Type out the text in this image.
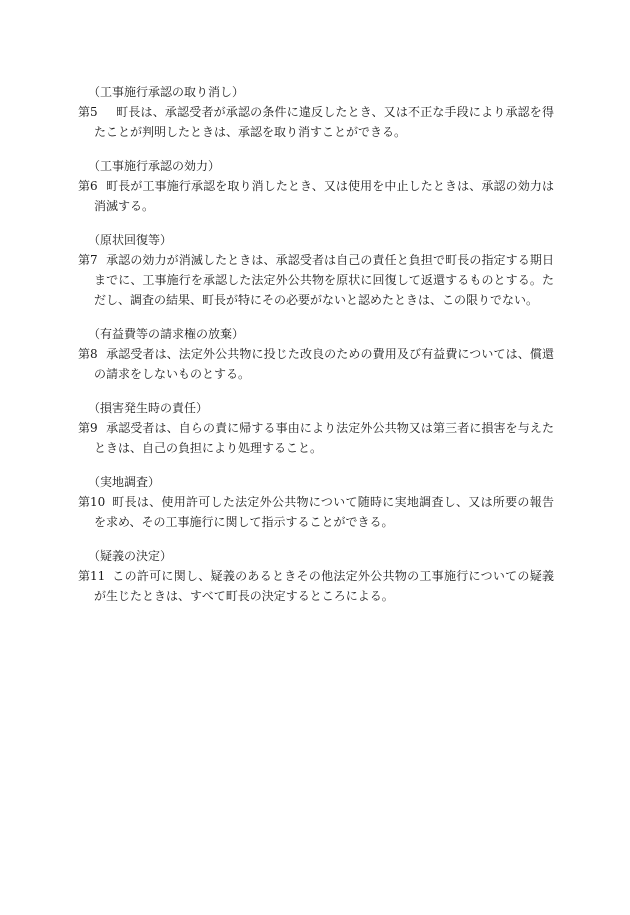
（工事施行承認の取り消し）
第5 町長は、承認受者が承認の条件に違反したとき、又は不正な手段により承認を得たことが判明したときは、承認を取り消すことができる。
（工事施行承認の効力）
第6 町長が工事施行承認を取り消したとき、又は使用を中止したときは、承認の効力は消滅する。
（原状回復等）
第7 承認の効力が消滅したときは、承認受者は自己の責任と負担で町長の指定する期日までに、工事施行を承認した法定外公共物を原状に回復して返還するものとする。ただし、調査の結果、町長が特にその必要がないと認めたときは、この限りでない。
（有益費等の請求権の放棄）
第8 承認受者は、法定外公共物に投じた改良のための費用及び有益費については、償還の請求をしないものとする。
（損害発生時の責任）
第9 承認受者は、自らの責に帰する事由により法定外公共物又は第三者に損害を与えたときは、自己の負担により処理すること。
（実地調査）
第10 町長は、使用許可した法定外公共物について随時に実地調査し、又は所要の報告を求め、その工事施行に関して指示することができる。
（疑義の決定）
第11 この許可に関し、疑義のあるときその他法定外公共物の工事施行についての疑義が生じたときは、すべて町長の決定するところによる。
